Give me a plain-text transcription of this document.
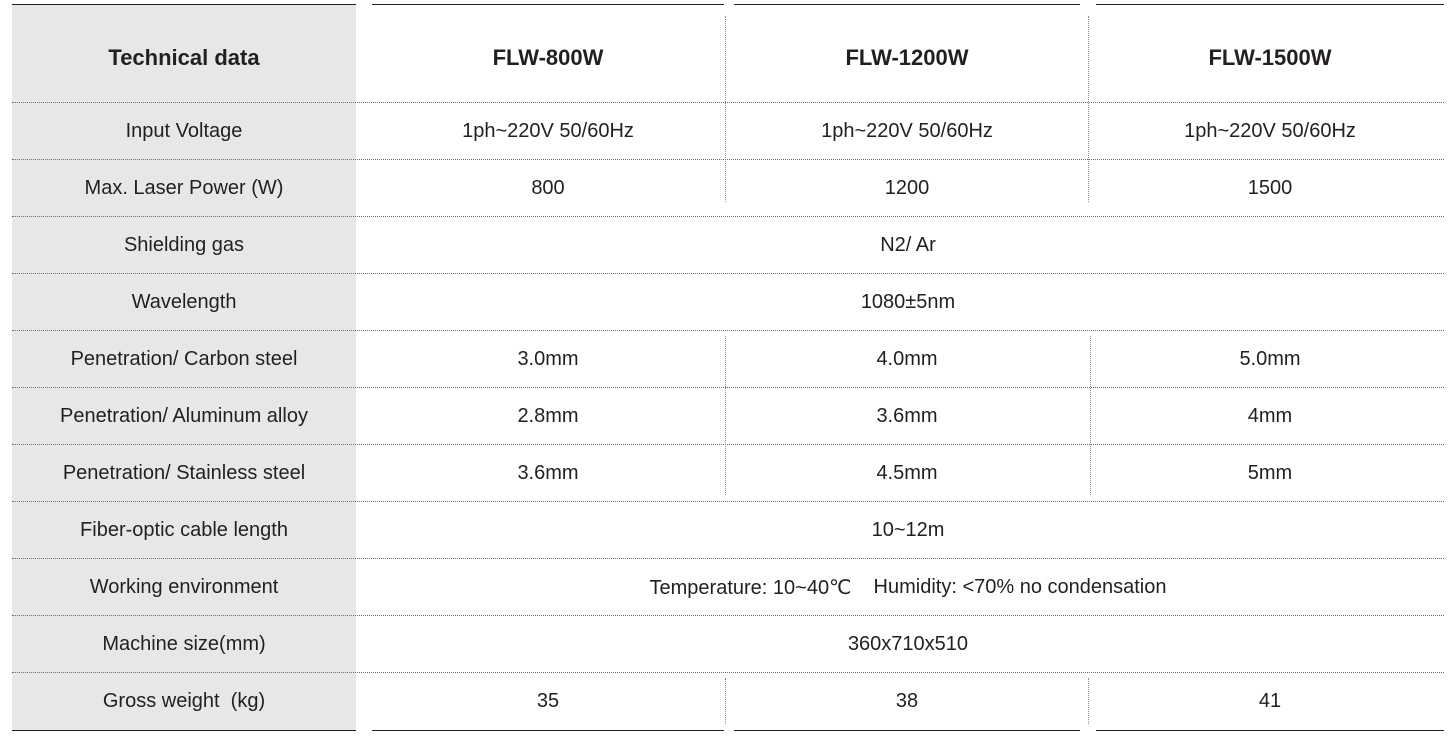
Technical data	FLW-800W	FLW-1200W	FLW-1500W
Input Voltage	1ph~220V 50/60Hz	1ph~220V 50/60Hz	1ph~220V 50/60Hz
Max. Laser Power (W)	800	1200	1500
Shielding gas	N2/ Ar
Wavelength	1080±5nm
Penetration/ Carbon steel	3.0mm	4.0mm	5.0mm
Penetration/ Aluminum alloy	2.8mm	3.6mm	4mm
Penetration/ Stainless steel	3.6mm	4.5mm	5mm
Fiber-optic cable length	10~12m
Working environment	Temperature: 10~40℃ Humidity: <70% no condensation
Machine size(mm)	360x710x510
Gross weight  (kg)	35	38	41
